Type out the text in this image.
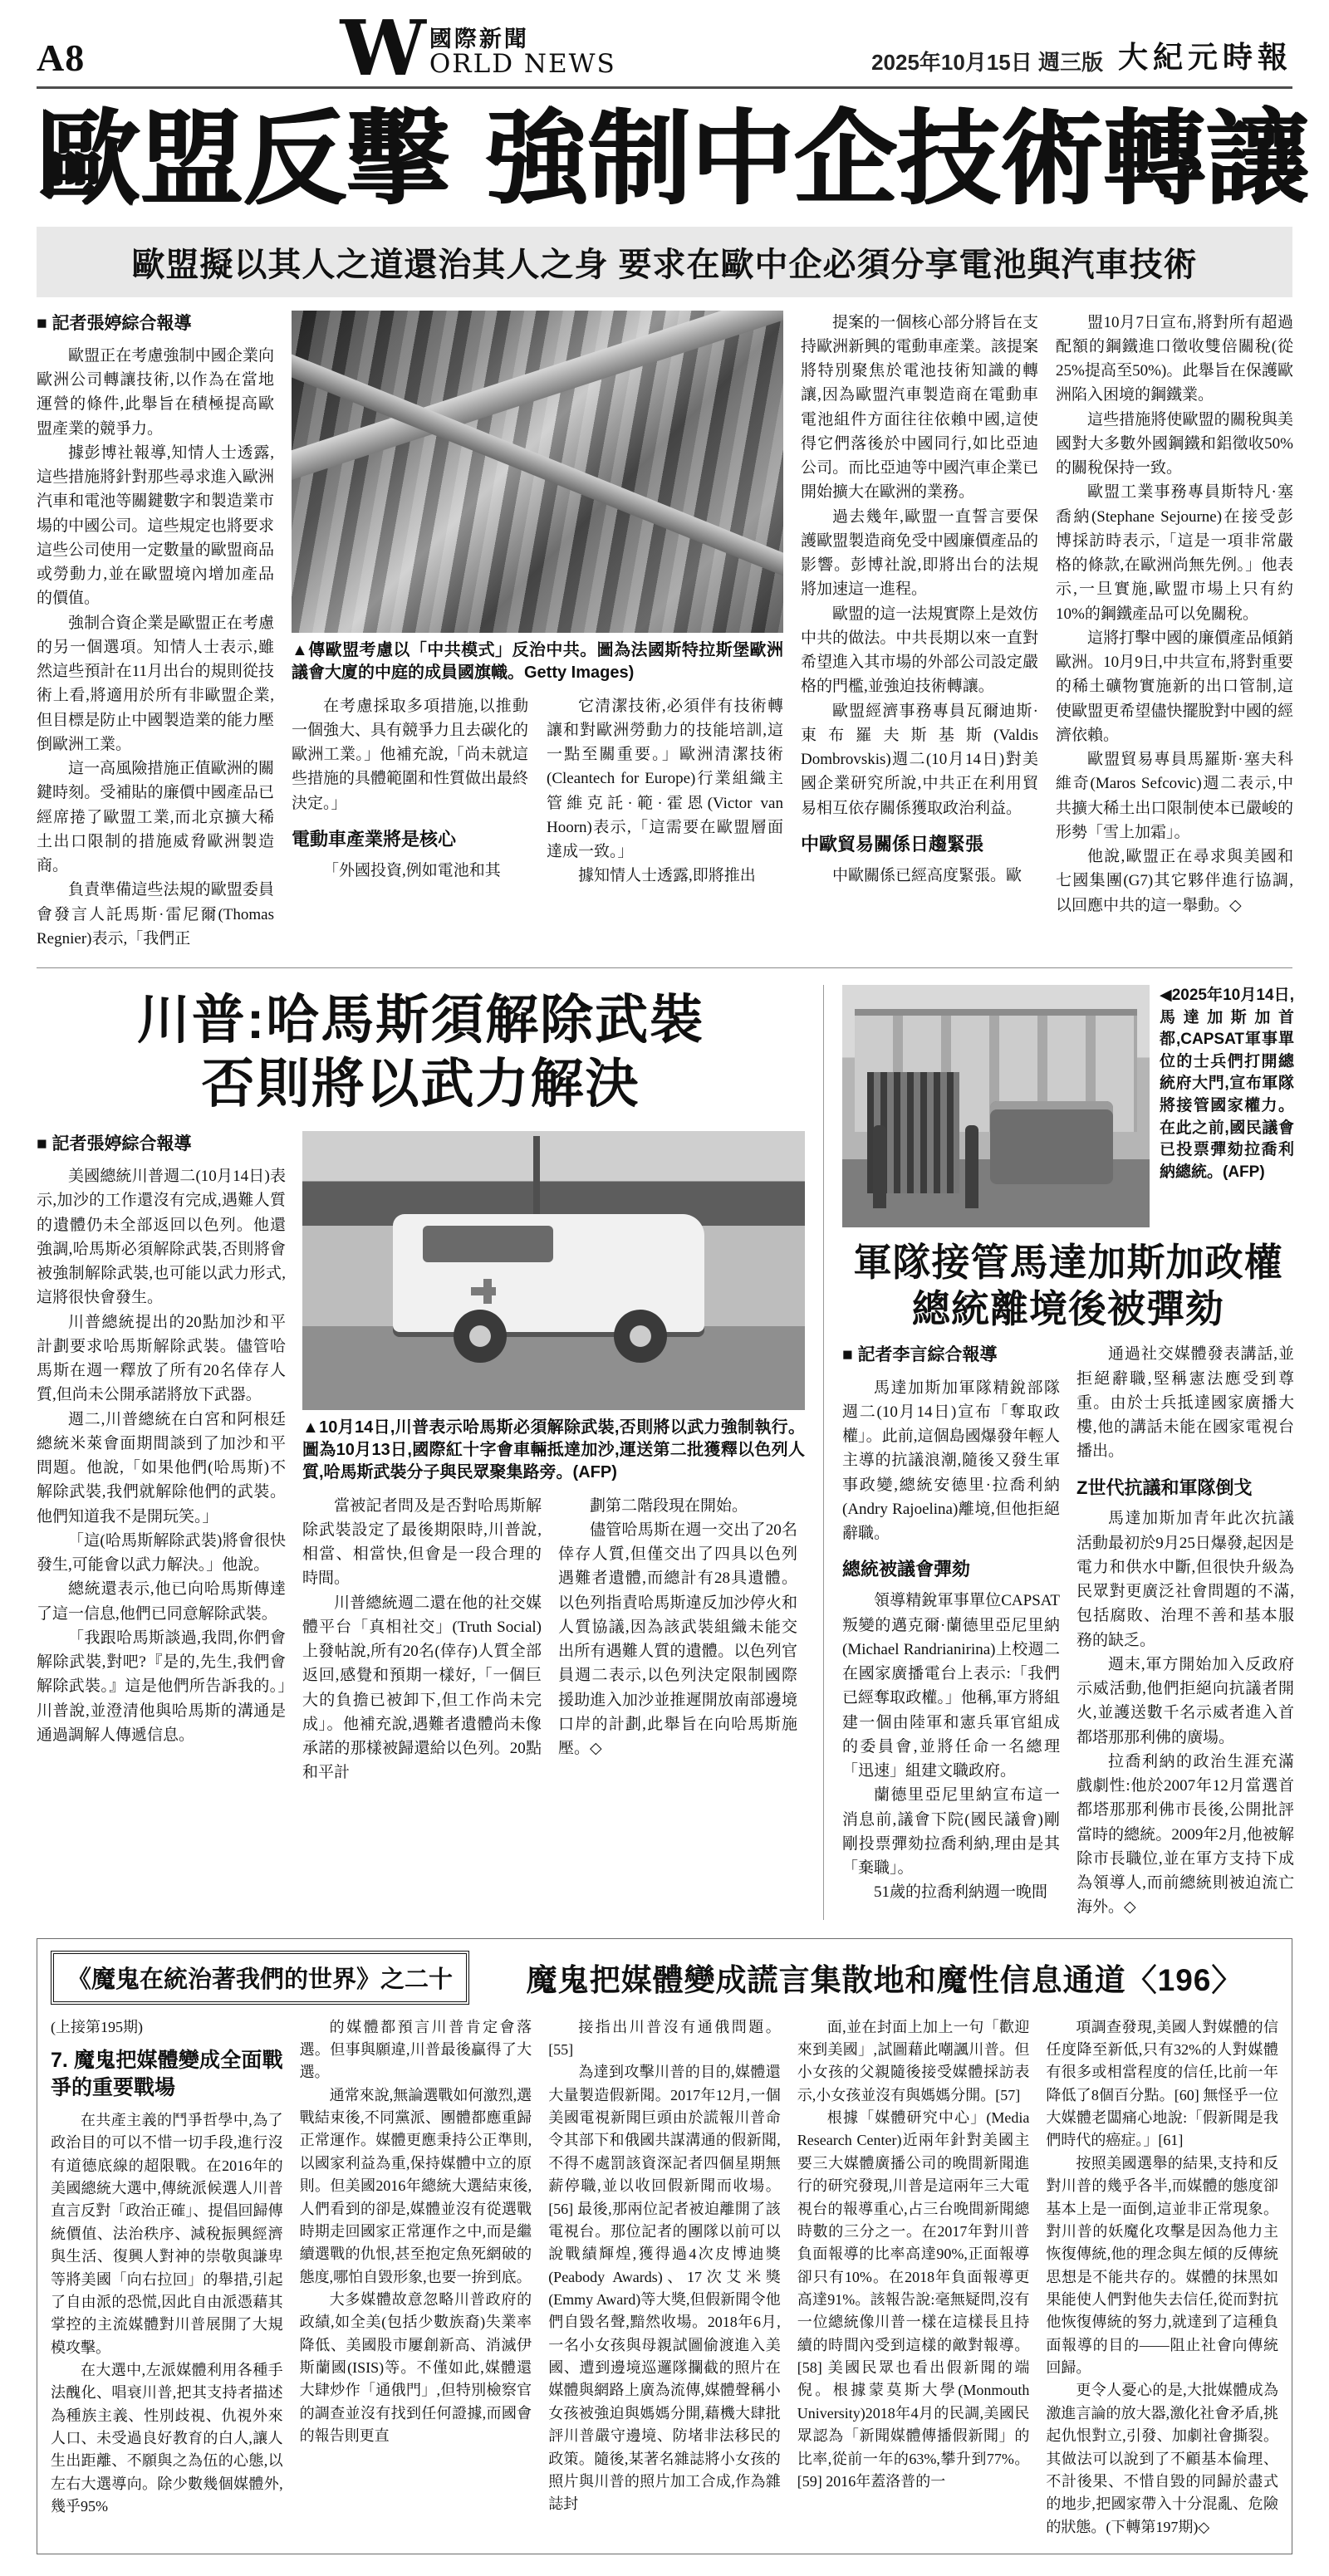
A8	W 國際新聞
ORLD NEWS	2025年10月15日 週三版 大紀元時報
歐盟反擊 強制中企技術轉讓
歐盟擬以其人之道還治其人之身 要求在歐中企必須分享電池與汽車技術

■ 記者張婷綜合報導

歐盟正在考慮強制中國企業向歐洲公司轉讓技術,以作為在當地運營的條件,此舉旨在積極提高歐盟產業的競爭力。

據彭博社報導,知情人士透露,這些措施將針對那些尋求進入歐洲汽車和電池等關鍵數字和製造業市場的中國公司。這些規定也將要求這些公司使用一定數量的歐盟商品或勞動力,並在歐盟境內增加產品的價值。

強制合資企業是歐盟正在考慮的另一個選項。知情人士表示,雖然這些預計在11月出台的規則從技術上看,將適用於所有非歐盟企業,但目標是防止中國製造業的能力壓倒歐洲工業。

這一高風險措施正值歐洲的關鍵時刻。受補貼的廉價中國產品已經席捲了歐盟工業,而北京擴大稀土出口限制的措施威脅歐洲製造商。

負責準備這些法規的歐盟委員會發言人託馬斯·雷尼爾(Thomas Regnier)表示,「我們正

▲傳歐盟考慮以「中共模式」反治中共。圖為法國斯特拉斯堡歐洲議會大廈的中庭的成員國旗幟。Getty Images)

在考慮採取多項措施,以推動一個強大、具有競爭力且去碳化的歐洲工業。」他補充說,「尚未就這些措施的具體範圍和性質做出最終決定。」

電動車產業將是核心

「外國投資,例如電池和其

它清潔技術,必須伴有技術轉讓和對歐洲勞動力的技能培訓,這一點至關重要。」歐洲清潔技術(Cleantech for Europe)行業組織主管維克託·範·霍恩(Victor van Hoorn)表示,「這需要在歐盟層面達成一致。」

據知情人士透露,即將推出

提案的一個核心部分將旨在支持歐洲新興的電動車產業。該提案將特別聚焦於電池技術知識的轉讓,因為歐盟汽車製造商在電動車電池組件方面往往依賴中國,這使得它們落後於中國同行,如比亞迪公司。而比亞迪等中國汽車企業已開始擴大在歐洲的業務。

過去幾年,歐盟一直誓言要保護歐盟製造商免受中國廉價產品的影響。彭博社說,即將出台的法規將加速這一進程。

歐盟的這一法規實際上是效仿中共的做法。中共長期以來一直對希望進入其市場的外部公司設定嚴格的門檻,並強迫技術轉讓。

歐盟經濟事務專員瓦爾迪斯·東布羅夫斯基斯(Valdis Dombrovskis)週二(10月14日)對美國企業研究所說,中共正在利用貿易相互依存關係獲取政治利益。

中歐貿易關係日趨緊張

中歐關係已經高度緊張。歐

盟10月7日宣布,將對所有超過配額的鋼鐵進口徵收雙倍關稅(從25%提高至50%)。此舉旨在保護歐洲陷入困境的鋼鐵業。

這些措施將使歐盟的關稅與美國對大多數外國鋼鐵和鋁徵收50%的關稅保持一致。

歐盟工業事務專員斯特凡·塞喬納(Stephane Sejourne)在接受彭博採訪時表示,「這是一項非常嚴格的條款,在歐洲尚無先例。」他表示,一旦實施,歐盟市場上只有約10%的鋼鐵產品可以免關稅。

這將打擊中國的廉價產品傾銷歐洲。10月9日,中共宣布,將對重要的稀土礦物實施新的出口管制,這使歐盟更希望儘快擺脫對中國的經濟依賴。

歐盟貿易專員馬羅斯·塞夫科維奇(Maros Sefcovic)週二表示,中共擴大稀土出口限制使本已嚴峻的形勢「雪上加霜」。

他說,歐盟正在尋求與美國和七國集團(G7)其它夥伴進行協調,以回應中共的這一舉動。◇

川普:哈馬斯須解除武裝
否則將以武力解決

■ 記者張婷綜合報導

美國總統川普週二(10月14日)表示,加沙的工作還沒有完成,遇難人質的遺體仍未全部返回以色列。他還強調,哈馬斯必須解除武裝,否則將會被強制解除武裝,也可能以武力形式,這將很快會發生。

川普總統提出的20點加沙和平計劃要求哈馬斯解除武裝。儘管哈馬斯在週一釋放了所有20名倖存人質,但尚未公開承諾將放下武器。

週二,川普總統在白宮和阿根廷總統米萊會面期間談到了加沙和平問題。他說,「如果他們(哈馬斯)不解除武裝,我們就解除他們的武裝。他們知道我不是開玩笑。」

「這(哈馬斯解除武裝)將會很快發生,可能會以武力解決。」他說。

總統還表示,他已向哈馬斯傳達了這一信息,他們已同意解除武裝。

「我跟哈馬斯談過,我問,你們會解除武裝,對吧?『是的,先生,我們會解除武裝。』這是他們所告訴我的。」川普說,並澄清他與哈馬斯的溝通是通過調解人傳遞信息。

▲10月14日,川普表示哈馬斯必須解除武裝,否則將以武力強制執行。圖為10月13日,國際紅十字會車輛抵達加沙,運送第二批獲釋以色列人質,哈馬斯武裝分子與民眾聚集路旁。(AFP)

當被記者問及是否對哈馬斯解除武裝設定了最後期限時,川普說,相當、相當快,但會是一段合理的時間。

川普總統週二還在他的社交媒體平台「真相社交」(Truth Social)上發帖說,所有20名(倖存)人質全部返回,感覺和預期一樣好,「一個巨大的負擔已被卸下,但工作尚未完成」。他補充說,遇難者遺體尚未像承諾的那樣被歸還給以色列。20點和平計

劃第二階段現在開始。

儘管哈馬斯在週一交出了20名倖存人質,但僅交出了四具以色列遇難者遺體,而總計有28具遺體。以色列指責哈馬斯違反加沙停火和人質協議,因為該武裝組織未能交出所有遇難人質的遺體。以色列官員週二表示,以色列決定限制國際援助進入加沙並推遲開放南部邊境口岸的計劃,此舉旨在向哈馬斯施壓。◇

◀2025年10月14日,馬達加斯加首都,CAPSAT軍事單位的士兵們打開總統府大門,宣布軍隊將接管國家權力。在此之前,國民議會已投票彈劾拉喬利納總統。(AFP)
軍隊接管馬達加斯加政權
總統離境後被彈劾

■ 記者李言綜合報導

馬達加斯加軍隊精銳部隊週二(10月14日)宣布「奪取政權」。此前,這個島國爆發年輕人主導的抗議浪潮,隨後又發生軍事政變,總統安德里·拉喬利納(Andry Rajoelina)離境,但他拒絕辭職。

總統被議會彈劾

領導精銳軍事單位CAPSAT叛變的邁克爾·蘭德里亞尼里納(Michael Randrianirina)上校週二在國家廣播電台上表示:「我們已經奪取政權。」他稱,軍方將組建一個由陸軍和憲兵軍官組成的委員會,並將任命一名總理「迅速」組建文職政府。

蘭德里亞尼里納宣布這一消息前,議會下院(國民議會)剛剛投票彈劾拉喬利納,理由是其「棄職」。

51歲的拉喬利納週一晚間

通過社交媒體發表講話,並拒絕辭職,堅稱憲法應受到尊重。由於士兵抵達國家廣播大樓,他的講話未能在國家電視台播出。

Z世代抗議和軍隊倒戈

馬達加斯加青年此次抗議活動最初於9月25日爆發,起因是電力和供水中斷,但很快升級為民眾對更廣泛社會問題的不滿,包括腐敗、治理不善和基本服務的缺乏。

週末,軍方開始加入反政府示威活動,他們拒絕向抗議者開火,並護送數千名示威者進入首都塔那那利佛的廣場。

拉喬利納的政治生涯充滿戲劇性:他於2007年12月當選首都塔那那利佛市長後,公開批評當時的總統。2009年2月,他被解除市長職位,並在軍方支持下成為領導人,而前總統則被迫流亡海外。◇

《魔鬼在統治著我們的世界》之二十	魔鬼把媒體變成謊言集散地和魔性信息通道〈196〉

(上接第195期)

7. 魔鬼把媒體變成全面戰爭的重要戰場

在共產主義的鬥爭哲學中,為了政治目的可以不惜一切手段,進行沒有道德底線的超限戰。在2016年的美國總統大選中,傳統派候選人川普直言反對「政治正確」、提倡回歸傳統價值、法治秩序、減稅振興經濟與生活、復興人對神的崇敬與謙卑等將美國「向右拉回」的舉措,引起了自由派的恐慌,因此自由派憑藉其掌控的主流媒體對川普展開了大規模攻擊。

在大選中,左派媒體利用各種手法醜化、唱衰川普,把其支持者描述為種族主義、性別歧視、仇視外來人口、未受過良好教育的白人,讓人生出距離、不願與之為伍的心態,以左右大選導向。除少數幾個媒體外,幾乎95%

的媒體都預言川普肯定會落選。但事與願違,川普最後贏得了大選。

通常來說,無論選戰如何激烈,選戰結束後,不同黨派、團體都應重歸正常運作。媒體更應秉持公正準則,以國家利益為重,保持媒體中立的原則。但美國2016年總統大選結束後,人們看到的卻是,媒體並沒有從選戰時期走回國家正常運作之中,而是繼續選戰的仇恨,甚至抱定魚死網破的態度,哪怕自毀形象,也要一拚到底。

大多媒體故意忽略川普政府的政績,如全美(包括少數族裔)失業率降低、美國股市屢創新高、消滅伊斯蘭國(ISIS)等。不僅如此,媒體還大肆炒作「通俄門」,但特別檢察官的調查並沒有找到任何證據,而國會的報告則更直

接指出川普沒有通俄問題。[55]

為達到攻擊川普的目的,媒體還大量製造假新聞。2017年12月,一個美國電視新聞巨頭由於謊報川普命令其部下和俄國共謀溝通的假新聞,不得不處罰該資深記者四個星期無薪停職,並以收回假新聞而收場。[56] 最後,那兩位記者被迫離開了該電視台。那位記者的團隊以前可以說戰績輝煌,獲得過4次皮博迪獎(Peabody Awards)、17次艾米獎(Emmy Award)等大獎,但假新聞令他們自毀名聲,黯然收場。2018年6月,一名小女孩與母親試圖偷渡進入美國、遭到邊境巡邏隊攔截的照片在媒體與網路上廣為流傳,媒體聲稱小女孩被強迫與媽媽分開,藉機大肆批評川普嚴守邊境、防堵非法移民的政策。隨後,某著名雜誌將小女孩的照片與川普的照片加工合成,作為雜誌封

面,並在封面上加上一句「歡迎來到美國」,試圖藉此嘲諷川普。但小女孩的父親隨後接受媒體採訪表示,小女孩並沒有與媽媽分開。[57]

根據「媒體研究中心」(Media Research Center)近兩年針對美國主要三大媒體廣播公司的晚間新聞進行的研究發現,川普是這兩年三大電視台的報導重心,占三台晚間新聞總時數的三分之一。在2017年對川普負面報導的比率高達90%,正面報導卻只有10%。在2018年負面報導更高達91%。該報告說:毫無疑問,沒有一位總統像川普一樣在這樣長且持續的時間內受到這樣的敵對報導。[58] 美國民眾也看出假新聞的端倪。根據蒙莫斯大學(Monmouth University)2018年4月的民調,美國民眾認為「新聞媒體傳播假新聞」的比率,從前一年的63%,攀升到77%。[59] 2016年蓋洛普的一

項調查發現,美國人對媒體的信任度降至新低,只有32%的人對媒體有很多或相當程度的信任,比前一年降低了8個百分點。[60] 無怪乎一位大媒體老闆痛心地說:「假新聞是我們時代的癌症。」[61]

按照美國選舉的結果,支持和反對川普的幾乎各半,而媒體的態度卻基本上是一面倒,這並非正常現象。對川普的妖魔化攻擊是因為他力主恢復傳統,他的理念與左傾的反傳統思想是不能共存的。媒體的抹黑如果能使人們對他失去信任,從而對抗他恢復傳統的努力,就達到了這種負面報導的目的——阻止社會向傳統回歸。

更令人憂心的是,大批媒體成為激進言論的放大器,激化社會矛盾,挑起仇恨對立,引發、加劇社會撕裂。其做法可以說到了不顧基本倫理、不計後果、不惜自毀的同歸於盡式的地步,把國家帶入十分混亂、危險的狀態。(下轉第197期)◇
